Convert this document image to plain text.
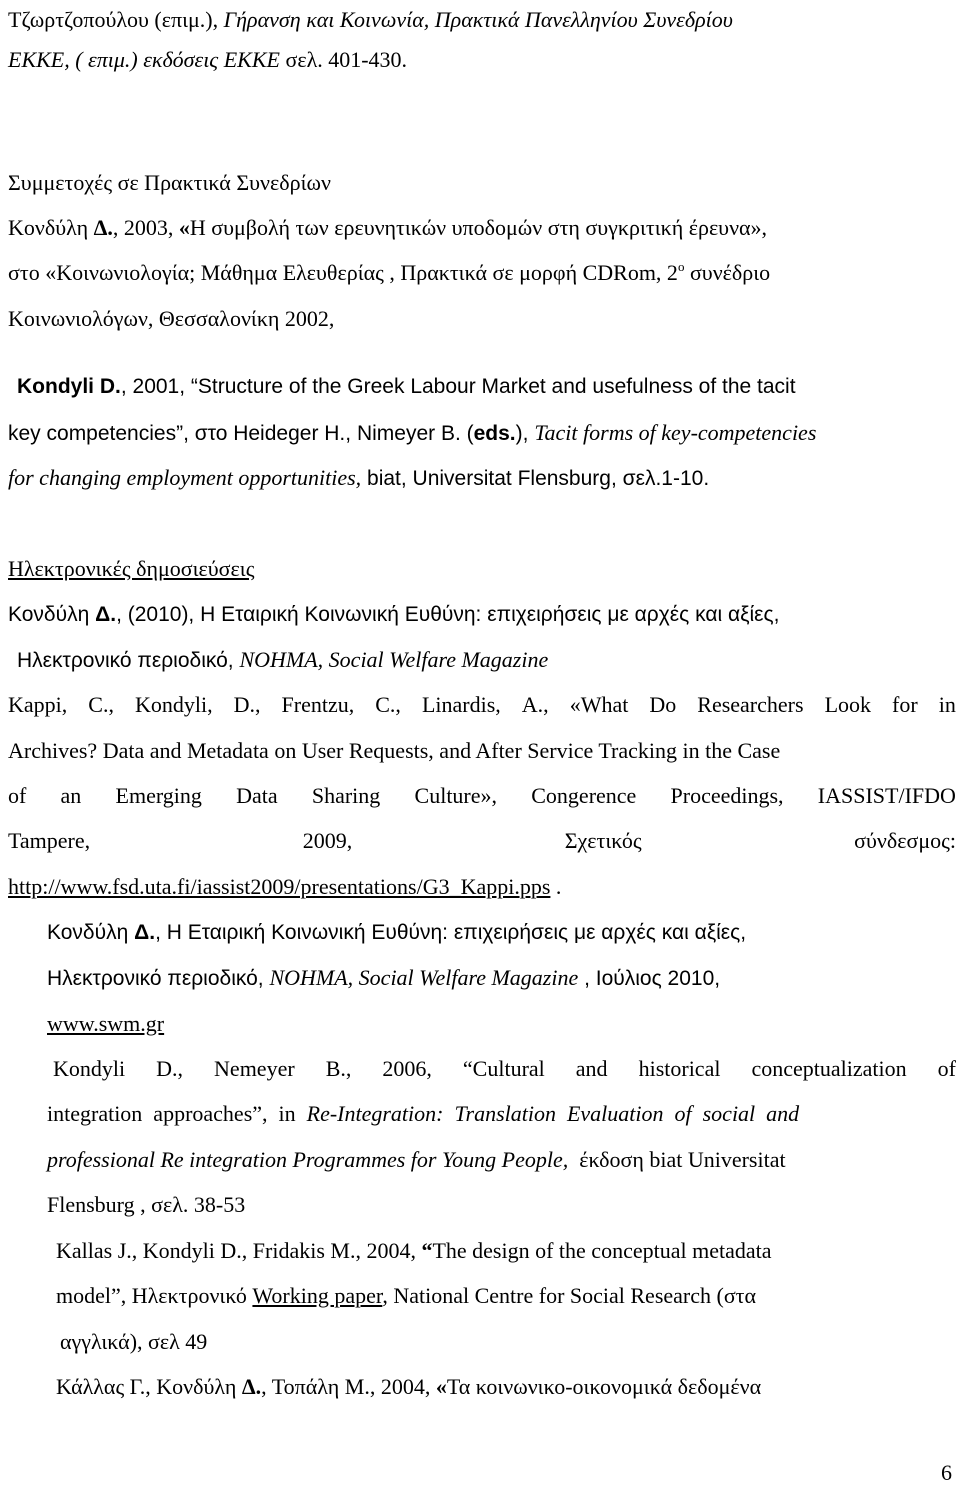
Τζωρτζοπούλου (επιμ.), Γήρανση και Κοινωνία, Πρακτικά Πανελληνίου Συνεδρίου
ΕΚΚΕ, ( επιμ.) εκδόσεις ΕΚΚΕ σελ. 401-430.
Συμμετοχές σε Πρακτικά Συνεδρίων
Κονδύλη Δ., 2003, «Η συμβολή των ερευνητικών υποδομών στη συγκριτική έρευνα»,
στο «Κοινωνιολογία; Μάθημα Ελευθερίας , Πρακτικά σε μορφή CDRom, $2^o$ συνέδριο
Κοινωνιολόγων, Θεσσαλονίκη 2002,
Kondyli D., 2001, “Structure of the Greek Labour Market and usefulness of the tacit
key competencies”, στο Heideger H., Nimeyer B. (eds.), Tacit forms of key-competencies
for changing employment opportunities, biat, Universitat Flensburg, σελ.1-10.
Ηλεκτρονικές δημοσιεύσεις
Κονδύλη Δ., (2010), Η Εταιρική Κοινωνική Ευθύνη: επιχειρήσεις με αρχές και αξίες,
Ηλεκτρονικό περιοδικό, ΝΟΗΜΑ, Social Welfare Magazine
Kappi, C., Kondyli, D., Frentzu, C., Linardis, A., «What Do Researchers Look for in
Archives? Data and Metadata on User Requests, and After Service Tracking in the Case
of an Emerging Data Sharing Culture», Congerence Proceedings, IASSIST/IFDO
Tampere,	2009,	Σχετικός	σύνδεσμος:
http://www.fsd.uta.fi/iassist2009/presentations/G3_Kappi.pps .
Κονδύλη Δ., Η Εταιρική Κοινωνική Ευθύνη: επιχειρήσεις με αρχές και αξίες,
Ηλεκτρονικό περιοδικό, ΝΟΗΜΑ, Social Welfare Magazine , Ιούλιος 2010,
www.swm.gr
Kondyli D., Nemeyer B., 2006, “Cultural and historical conceptualization of
integration  approaches”,  in  Re-Integration:  Translation  Evaluation  of  social  and
professional Re integration Programmes for Young People,  έκδοση biat Universitat
Flensburg , σελ. 38-53
Kallas J., Kondyli D., Fridakis M., 2004, “The design of the conceptual metadata
model”, Ηλεκτρονικό Working paper, National Centre for Social Research (στα
αγγλικά), σελ 49
Κάλλας Γ., Κονδύλη Δ., Τοπάλη Μ., 2004, «Τα κοινωνικο-οικονομικά δεδομένα
6
